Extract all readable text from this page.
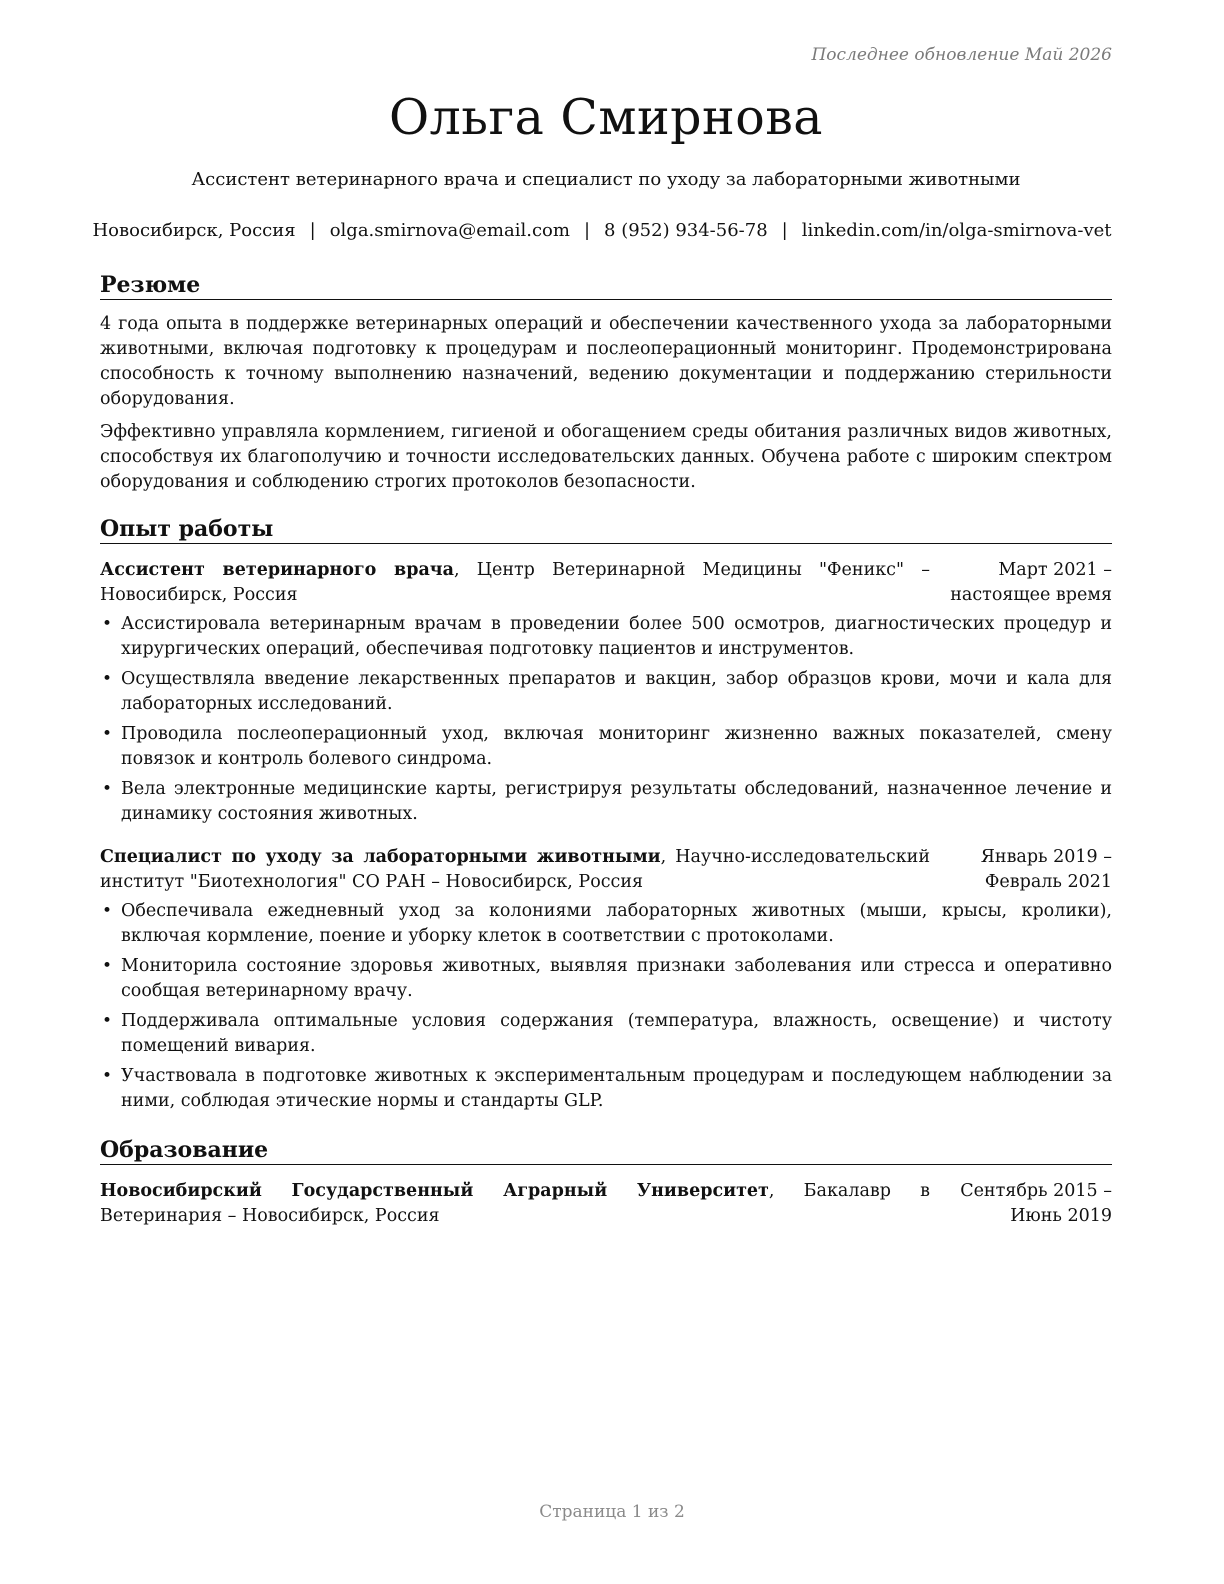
Последнее обновление Май 2026
Ольга Смирнова
Ассистент ветеринарного врача и специалист по уходу за лабораторными животными
Новосибирск, Россия | olga.smirnova@email.com | 8 (952) 934-56-78 | linkedin.com/in/olga-smirnova-vet
Резюме

4 года опыта в поддержке ветеринарных операций и обеспечении качественного ухода за лабораторными животными, включая подготовку к процедурам и послеоперационный мониторинг. Продемонстрирована способность к точному выполнению назначений, ведению документации и поддержанию стерильности оборудования.

Эффективно управляла кормлением, гигиеной и обогащением среды обитания различных видов животных, способствуя их благополучию и точности исследовательских данных. Обучена работе с широким спектром оборудования и соблюдению строгих протоколов безопасности.

Опыт работы
Ассистент ветеринарного врача, Центр Ветеринарной Медицины "Феникс" – Новосибирск, Россия
Март 2021 – настоящее время
• Ассистировала ветеринарным врачам в проведении более 500 осмотров, диагностических процедур и хирургических операций, обеспечивая подготовку пациентов и инструментов.
• Осуществляла введение лекарственных препаратов и вакцин, забор образцов крови, мочи и кала для лабораторных исследований.
• Проводила послеоперационный уход, включая мониторинг жизненно важных показателей, смену повязок и контроль болевого синдрома.
• Вела электронные медицинские карты, регистрируя результаты обследований, назначенное лечение и динамику состояния животных.
Специалист по уходу за лабораторными животными, Научно-исследовательский институт "Биотехнология" СО РАН – Новосибирск, Россия
Январь 2019 – Февраль 2021
• Обеспечивала ежедневный уход за колониями лабораторных животных (мыши, крысы, кролики), включая кормление, поение и уборку клеток в соответствии с протоколами.
• Мониторила состояние здоровья животных, выявляя признаки заболевания или стресса и оперативно сообщая ветеринарному врачу.
• Поддерживала оптимальные условия содержания (температура, влажность, освещение) и чистоту помещений вивария.
• Участвовала в подготовке животных к экспериментальным процедурам и последующем наблюдении за ними, соблюдая этические нормы и стандарты GLP.
Образование
Новосибирский Государственный Аграрный Университет, Бакалавр в Ветеринария – Новосибирск, Россия
Сентябрь 2015 – Июнь 2019
Страница 1 из 2
